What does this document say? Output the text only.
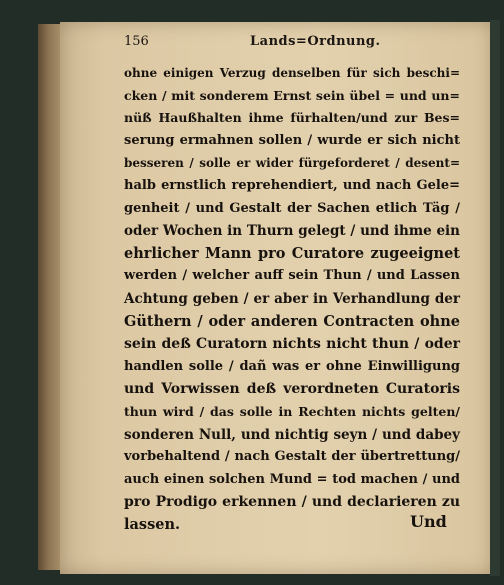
156	Lands=Ordnung.
ohne einigen Verzug denselben für sich beschi=
cken / mit sonderem Ernst sein übel = und un=
nüß Haußhalten ihme fürhalten/und zur Bes=
serung ermahnen sollen / wurde er sich nicht
besseren / solle er wider fürgeforderet / desent=
halb ernstlich reprehendiert, und nach Gele=
genheit / und Gestalt der Sachen etlich Täg /
oder Wochen in Thurn gelegt / und ihme ein
ehrlicher Mann pro Curatore zugeeignet
werden / welcher auff sein Thun / und Lassen
Achtung geben / er aber in Verhandlung der
Güthern / oder anderen Contracten ohne
sein deß Curatorn nichts nicht thun / oder
handlen solle / dañ was er ohne Einwilligung
und Vorwissen deß verordneten Curatoris
thun wird / das solle in Rechten nichts gelten/
sonderen Null, und nichtig seyn / und dabey
vorbehaltend / nach Gestalt der übertrettung/
auch einen solchen Mund = tod machen / und
pro Prodigo erkennen / und declarieren zu
lassen.	Und
